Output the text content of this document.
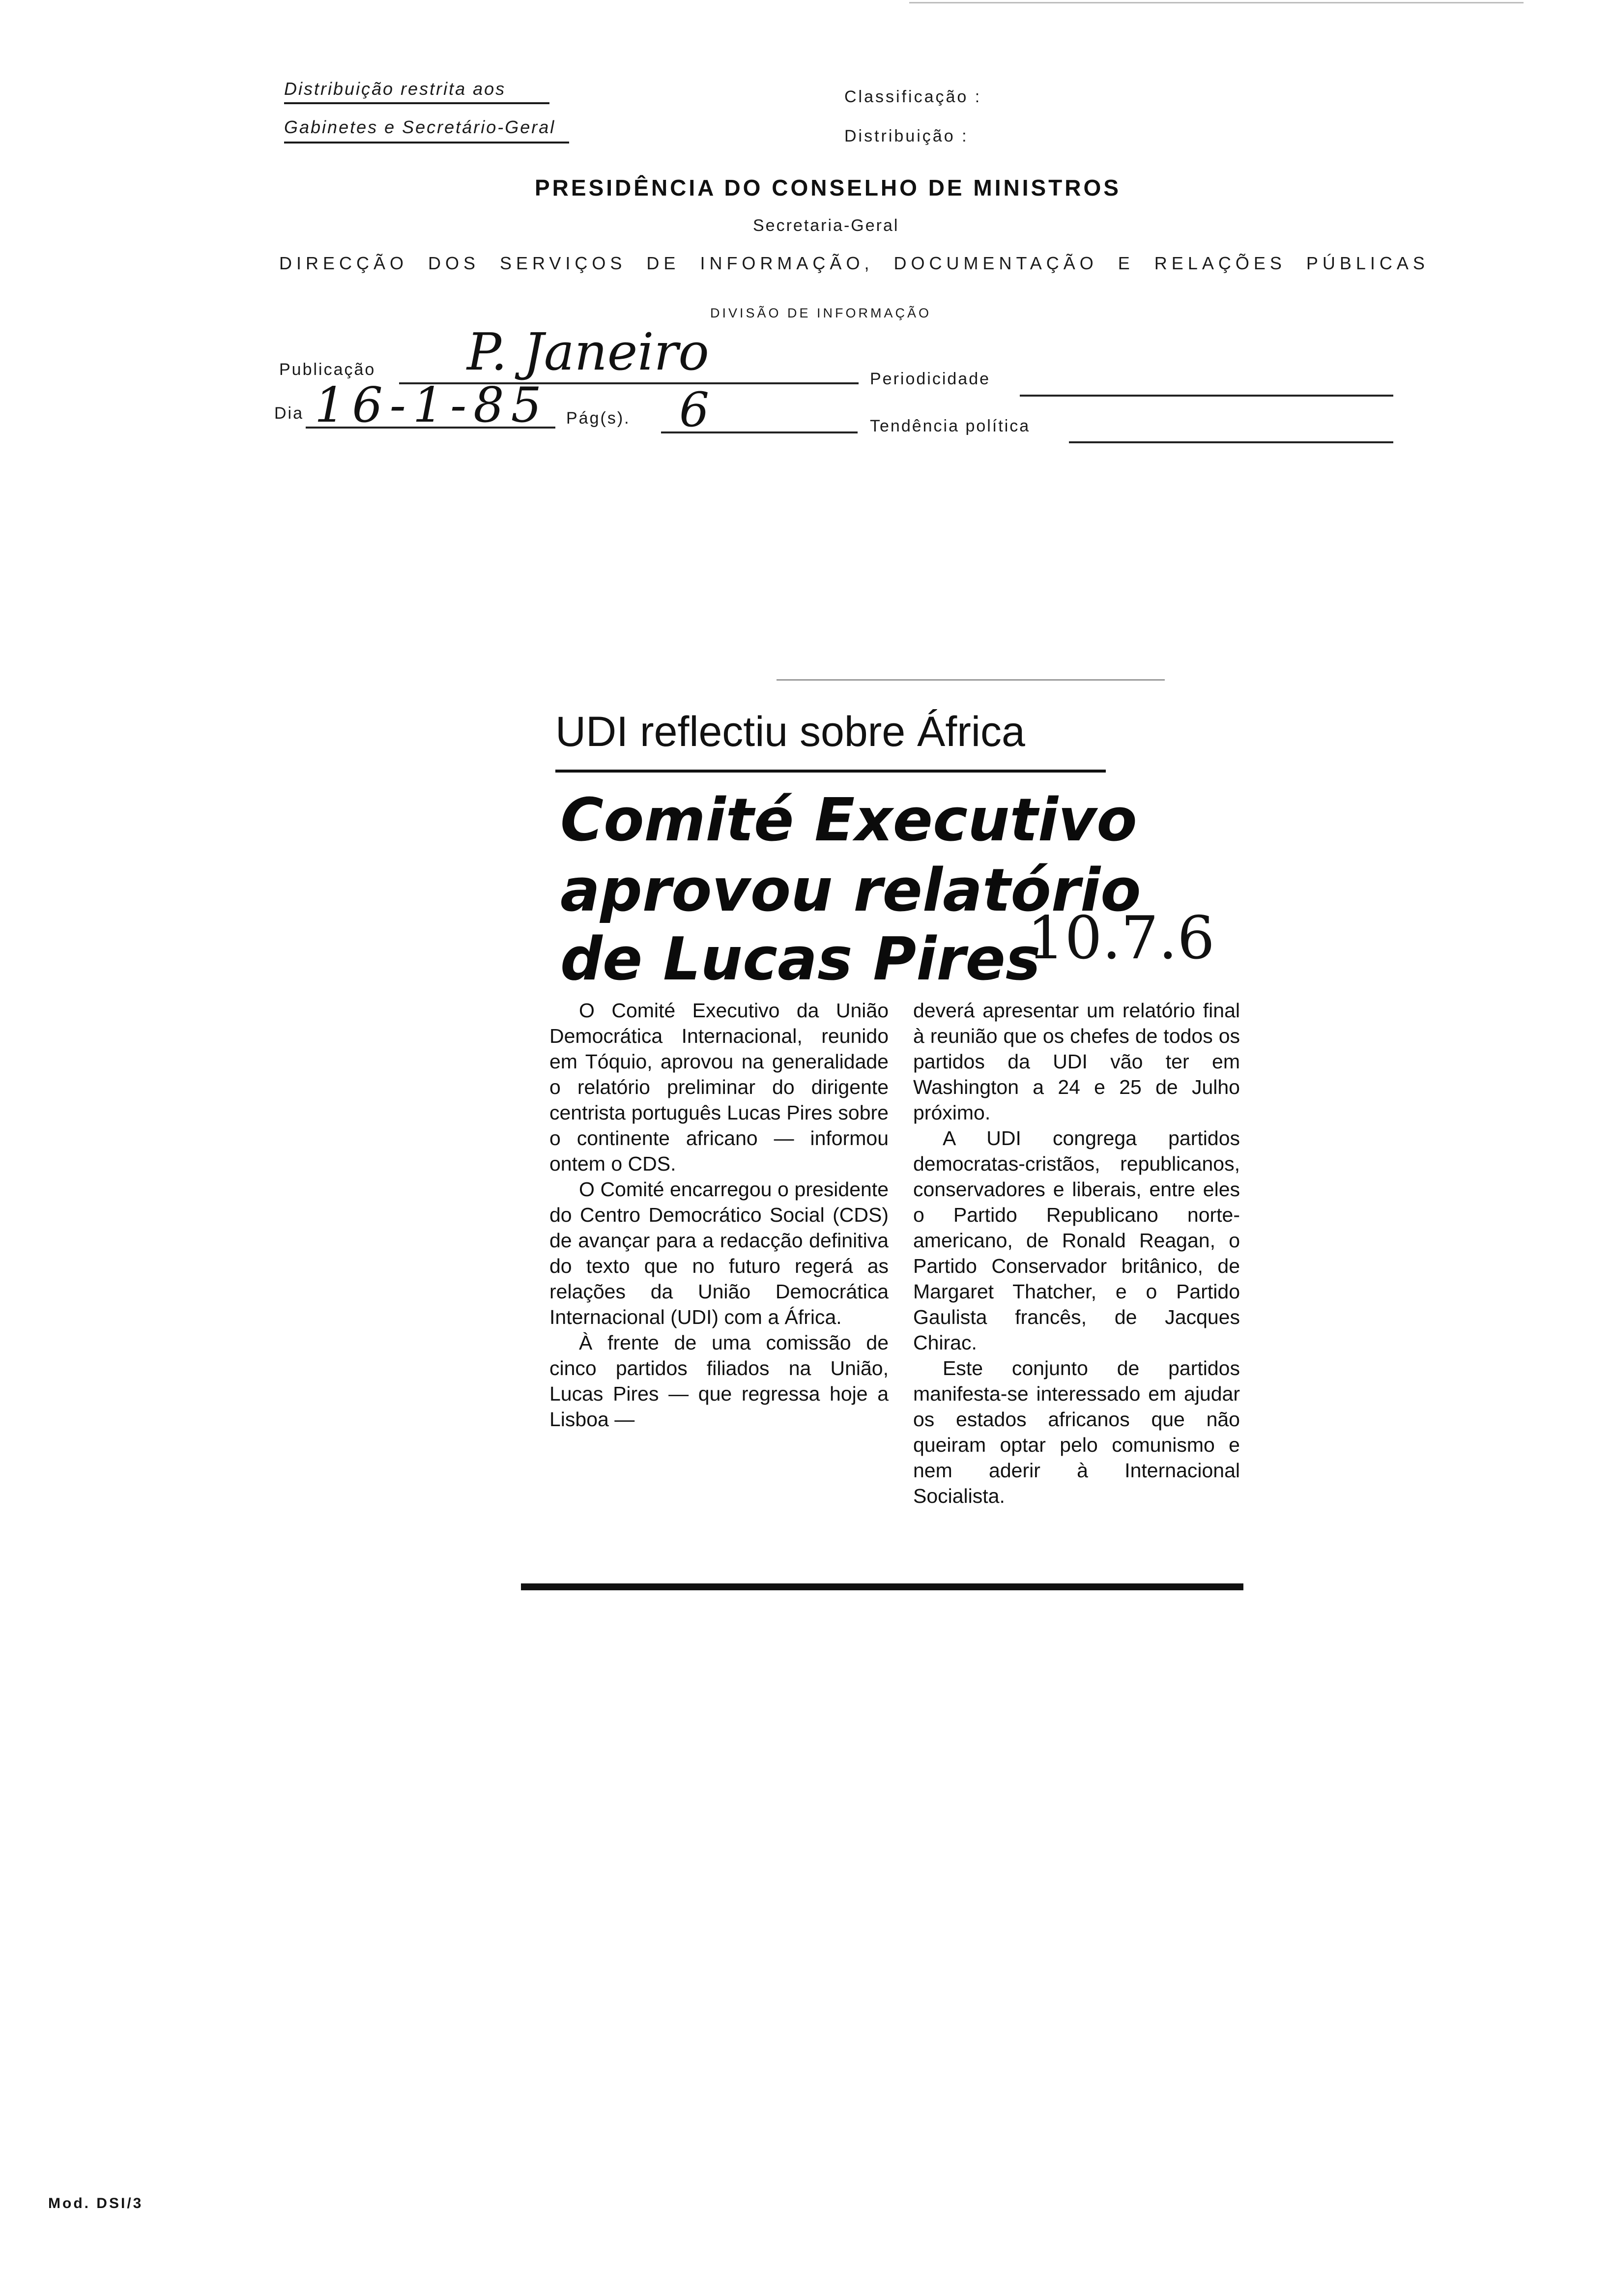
Distribuição restrita aos
Gabinetes e Secretário-Geral
Classificação :
Distribuição :
PRESIDÊNCIA DO CONSELHO DE MINISTROS
Secretaria-Geral
DIRECÇÃO DOS SERVIÇOS DE INFORMAÇÃO, DOCUMENTAÇÃO E RELAÇÕES PÚBLICAS
DIVISÃO DE INFORMAÇÃO
Publicação P. Janeiro	Periodicidade
Dia 16-1-85 Pág(s). 6	Tendência política
UDI reflectiu sobre África
Comité Executivo
aprovou relatório
de Lucas Pires
10.7.6

O Comité Executivo da União Democrática Internacional, reunido em Tóquio, aprovou na generalidade o relatório preliminar do dirigente centrista português Lucas Pires sobre o continente africano — informou ontem o CDS.

O Comité encarregou o presidente do Centro Democrático Social (CDS) de avançar para a redacção definitiva do texto que no futuro regerá as relações da União Democrática Internacional (UDI) com a África.

À frente de uma comissão de cinco partidos filiados na União, Lucas Pires — que regressa hoje a Lisboa —

deverá apresentar um relatório final à reunião que os chefes de todos os partidos da UDI vão ter em Washington a 24 e 25 de Julho próximo.

A UDI congrega partidos democratas-cristãos, republicanos, conservadores e liberais, entre eles o Partido Republicano norte-americano, de Ronald Reagan, o Partido Conservador britânico, de Margaret Thatcher, e o Partido Gaulista francês, de Jacques Chirac.

Este conjunto de partidos manifesta-se interessado em ajudar os estados africanos que não queiram optar pelo comunismo e nem aderir à Internacional Socialista.

Mod. DSI/3
